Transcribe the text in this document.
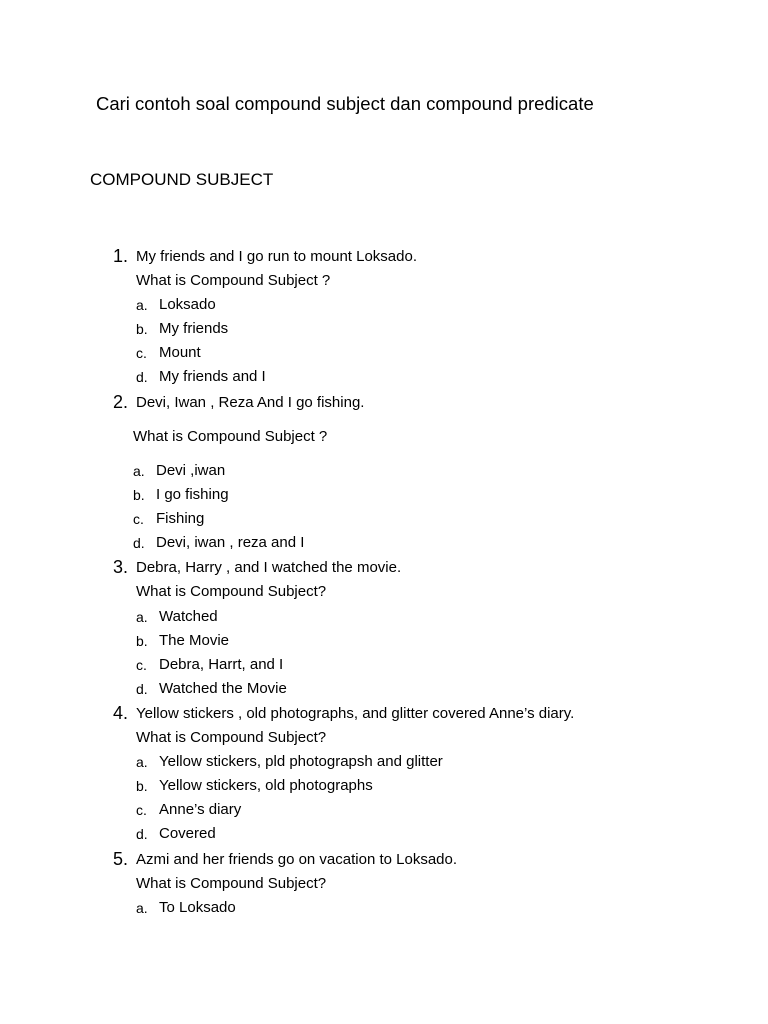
Cari contoh soal compound subject dan compound predicate
COMPOUND SUBJECT
1. My friends and I go run to mount Loksado.
What is Compound Subject ?
a. Loksado
b. My friends
c. Mount
d. My friends and I
2. Devi, Iwan , Reza And I go fishing.
What is Compound Subject ?
a. Devi ,iwan
b. I go fishing
c. Fishing
d. Devi, iwan , reza and I
3. Debra, Harry , and I watched the movie.
What is Compound Subject?
a. Watched
b. The Movie
c. Debra, Harrt, and I
d. Watched the Movie
4. Yellow stickers , old photographs, and glitter covered Anne’s diary.
What is Compound Subject?
a. Yellow stickers, pld photograpsh and glitter
b. Yellow stickers, old photographs
c. Anne’s diary
d. Covered
5. Azmi and her friends go on vacation to Loksado.
What is Compound Subject?
a. To Loksado
